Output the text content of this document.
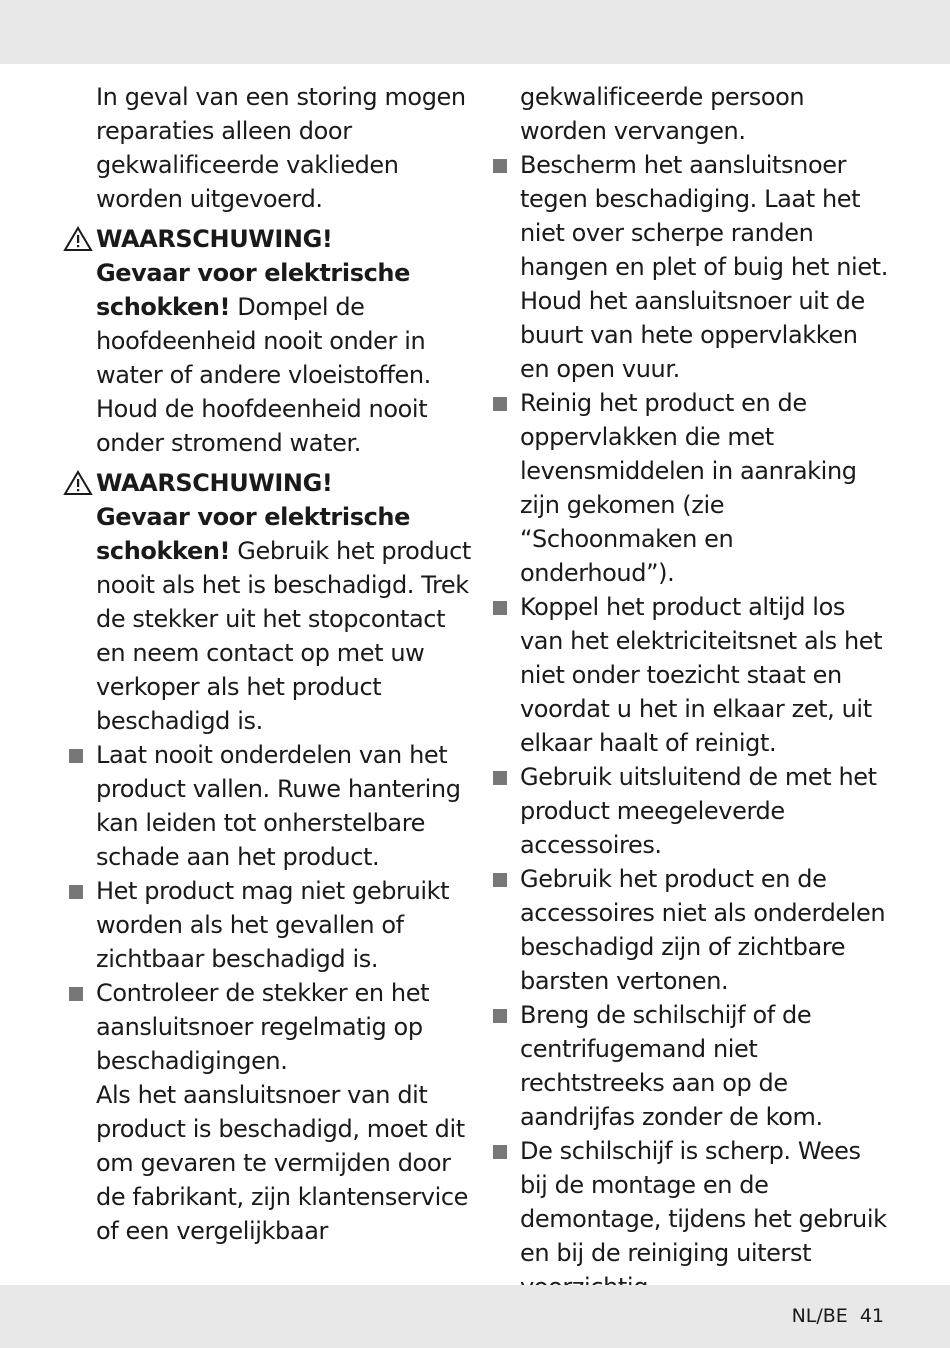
In geval van een storing mogen reparaties alleen door gekwalificeerde vaklieden worden uitgevoerd.

WAARSCHUWING!
Gevaar voor elektrische schokken! Dompel de hoofdeenheid nooit onder in water of andere vloeistoffen. Houd de hoofdeenheid nooit onder stromend water.

WAARSCHUWING!
Gevaar voor elektrische schokken! Gebruik het product nooit als het is beschadigd. Trek de stekker uit het stopcontact en neem contact op met uw verkoper als het product beschadigd is.

Laat nooit onderdelen van het product vallen. Ruwe hantering kan leiden tot onherstelbare schade aan het product.

Het product mag niet gebruikt worden als het gevallen of zichtbaar beschadigd is.

Controleer de stekker en het aansluitsnoer regelmatig op beschadigingen.

Als het aansluitsnoer van dit product is beschadigd, moet dit om gevaren te vermijden door de fabrikant, zijn klantenservice of een vergelijkbaar

gekwalificeerde persoon worden vervangen.

Bescherm het aansluitsnoer tegen beschadiging. Laat het niet over scherpe randen hangen en plet of buig het niet. Houd het aansluitsnoer uit de buurt van hete oppervlakken en open vuur.

Reinig het product en de oppervlakken die met levensmiddelen in aanraking zijn gekomen (zie “Schoonmaken en onderhoud”).

Koppel het product altijd los van het elektriciteitsnet als het niet onder toezicht staat en voordat u het in elkaar zet, uit elkaar haalt of reinigt.

Gebruik uitsluitend de met het product meegeleverde accessoires.

Gebruik het product en de accessoires niet als onderdelen beschadigd zijn of zichtbare barsten vertonen.

Breng de schilschijf of de centrifugemand niet rechtstreeks aan op de aandrijfas zonder de kom.

De schilschijf is scherp. Wees bij de montage en de demontage, tijdens het gebruik en bij de reiniging uiterst

NL/BE 41
